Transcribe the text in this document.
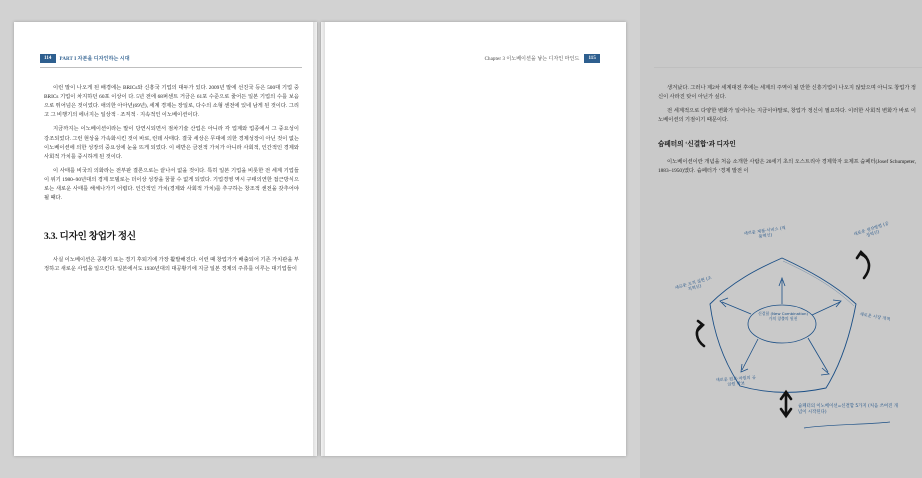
114	PART I 자본을 디자인하는 시대

이런 말이 나오게 된 배경에는 BRICs와 신흥국 기업의 대두가 있다. 2009년 말에 선진국 등은 500대 기업 중 BRICs 기업이 차지하던 60포 이상이 다. 5년 전에 68퍼센트 거금은 61포 수준으로 줄어든 일본 기업의 수를 보음으로 뛰어넘은 것이었다. 애의한 아아년(69년), 세계 경제는 장일로, 다수의 소형 센전에 있네 남게 된 것이다. 그리고 그 비행기의 에너지는 일상적 · 조직적 · 지속적인 이노베이션이다.

지금까지는 이노베이션이라는 말이 당연시되면서 점차기술 산업은 아니라 각 업계와 업종에서 그 중요성이 강조되었다. 그런 현상을 가속화시킨 것이 바로, 런데 사태다. 결국 세상은 무대에 의한 경제성장이 아닌 것이 없는 이노베이션에 의한 성장의 중요성에 눈을 뜨게 되었다. 이 에반은 금전적 가치가 아니라 사회적, 인간적인 경제와 사회적 가치를 중시하게 된 것이다.

이 사태를 비국의 의화라는 전부판 결론으로는 끝나서 없을 것이다. 특히 일본 기업을 비롯한 전 세계 기업들이 위기 1980~90년대의 경제 모델로는 더이상 성장을 꿈꿀 수 없게 되었다. 기업경영 역시 구태의연한 접근방식으로는 새로운 사태를 해체나가기 어렵다. 인간적인 가치(경제와 사회적 가치)를 추구하는 창조적 센전을 갖추어야 될 때다.

3.3. 디자인 창업가 정신

사실 이노베이션은 공황기 또는 경기 후퇴기에 가장 활발해진다. 이런 때 창업가가 배출되어 기존 가치관을 부정하고 새로운 사업을 일으킨다. 일본에서도 1930년대의 대공황기에 지금 일본 경제의 주류를 이루는 대기업들이

Chapter 3 이노베이션을 낳는 디자인 마인드	115

생겨났다. 그러나 제2차 세계대전 후에는 세계의 주역이 될 만한 신흥기업이 나오지 않았으며 아니도 창업가 정신이 사라진 탓이 아닌가 싶다.

전 세계적으로 다양한 변화가 일어나는 지금이야말로, 창업가 정신이 필요하다. 이러한 사회적 변화가 바로 이노베이션의 기점이기 때문이다.

슘페터의 ‘신결합’과 디자인

이노베이션이란 개념을 처음 소개한 사람은 20세기 초의 오스트리아 경제학자 요제프 슘페터(Josef Schumpeter, 1883~1950)였다. 슘페터가 ‘경제 발전 이

새로운 제품·서비스 (제품혁신)	새로운 생산방법 (공정혁신)
새로운 시장 개척
새로운 원료·자원의 공급원 확보
새로운 조직 실현 (조직혁신)
신결합 (New Combination) 가치 창출의 원천
슘페터의 이노베이션=신결합 5가지 (처음 쓰여진 개념이 시작된다)
